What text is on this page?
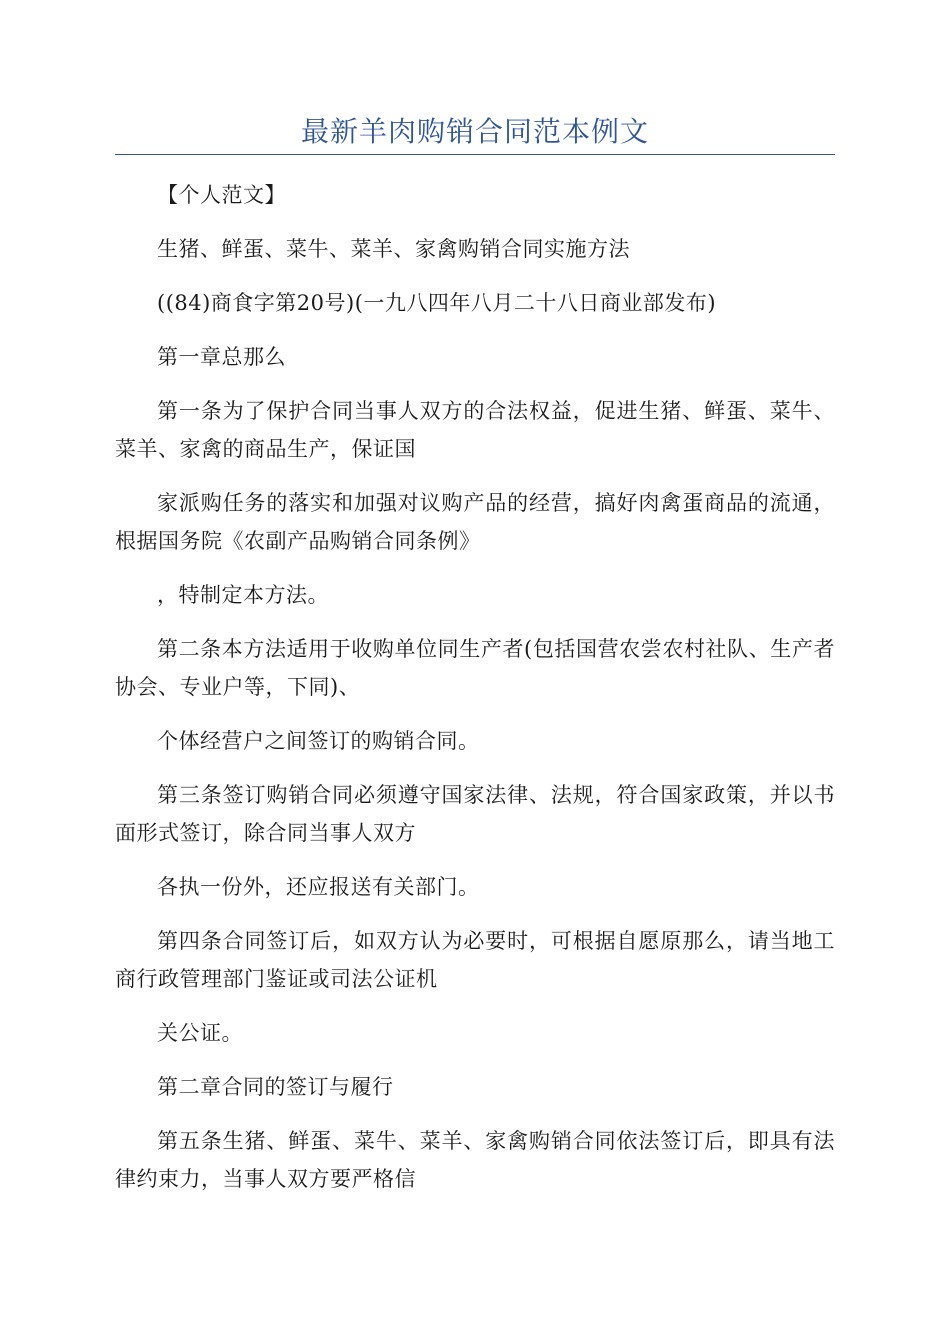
最新羊肉购销合同范本例文

【个人范文】

生猪、鲜蛋、菜牛、菜羊、家禽购销合同实施方法

((84)商食字第20号)(一九八四年八月二十八日商业部发布)

第一章总那么

第一条为了保护合同当事人双方的合法权益，促进生猪、鲜蛋、菜牛、菜羊、家禽的商品生产，保证国

家派购任务的落实和加强对议购产品的经营，搞好肉禽蛋商品的流通，根据国务院《农副产品购销合同条例》

，特制定本方法。

第二条本方法适用于收购单位同生产者(包括国营农尝农村社队、生产者协会、专业户等，下同)、

个体经营户之间签订的购销合同。

第三条签订购销合同必须遵守国家法律、法规，符合国家政策，并以书面形式签订，除合同当事人双方

各执一份外，还应报送有关部门。

第四条合同签订后，如双方认为必要时，可根据自愿原那么，请当地工商行政管理部门鉴证或司法公证机

关公证。

第二章合同的签订与履行

第五条生猪、鲜蛋、菜牛、菜羊、家禽购销合同依法签订后，即具有法律约束力，当事人双方要严格信
